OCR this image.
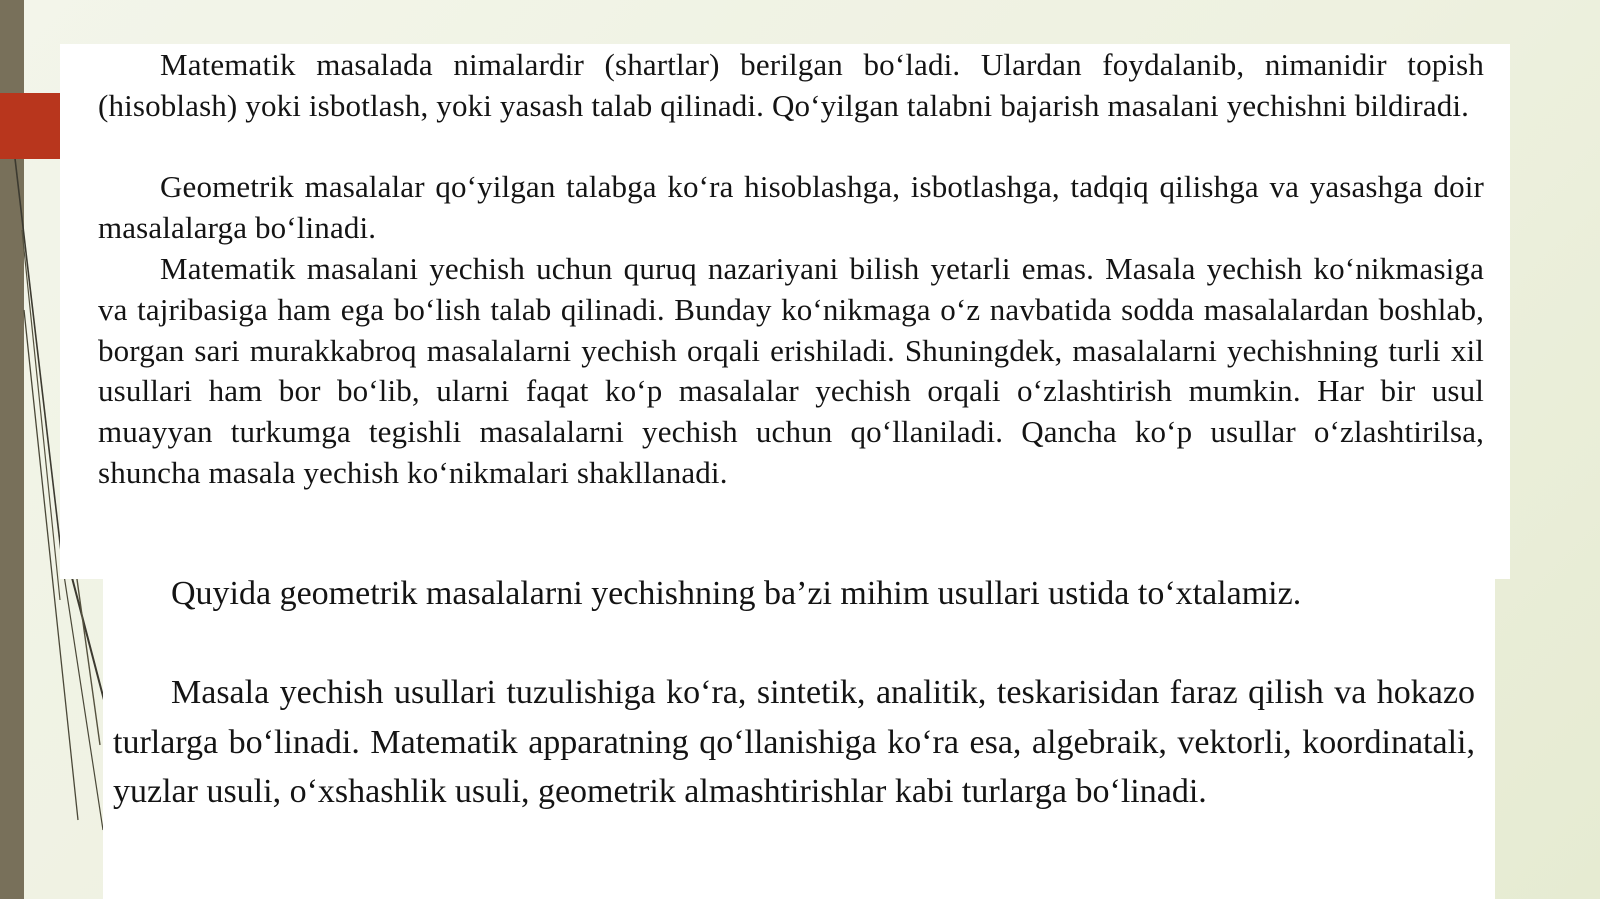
Matematik masalada nimalardir (shartlar) berilgan bo‘ladi. Ulardan foydalanib, nimanidir topish (hisoblash) yoki isbotlash, yoki yasash talab qilinadi. Qo‘yilgan talabni bajarish masalani yechishni bildiradi.

Geometrik masalalar qo‘yilgan talabga ko‘ra hisoblashga, isbotlashga, tadqiq qilishga va yasashga doir masalalarga bo‘linadi.

Matematik masalani yechish uchun quruq nazariyani bilish yetarli emas. Masala yechish ko‘nikmasiga va tajribasiga ham ega bo‘lish talab qilinadi. Bunday ko‘nikmaga o‘z navbatida sodda masalalardan boshlab, borgan sari murakkabroq masalalarni yechish orqali erishiladi. Shuningdek, masalalarni yechishning turli xil usullari ham bor bo‘lib, ularni faqat ko‘p masalalar yechish orqali o‘zlashtirish mumkin. Har bir usul muayyan turkumga tegishli masalalarni yechish uchun qo‘llaniladi. Qancha ko‘p usullar o‘zlashtirilsa, shuncha masala yechish ko‘nikmalari shakllanadi.

Quyida geometrik masalalarni yechishning ba’zi mihim usullari ustida to‘xtalamiz.

Masala yechish usullari tuzulishiga ko‘ra, sintetik, analitik, teskarisidan faraz qilish va hokazo turlarga bo‘linadi. Matematik apparatning qo‘llanishiga ko‘ra esa, algebraik, vektorli, koordinatali, yuzlar usuli, o‘xshashlik usuli, geometrik almashtirishlar kabi turlarga bo‘linadi.
